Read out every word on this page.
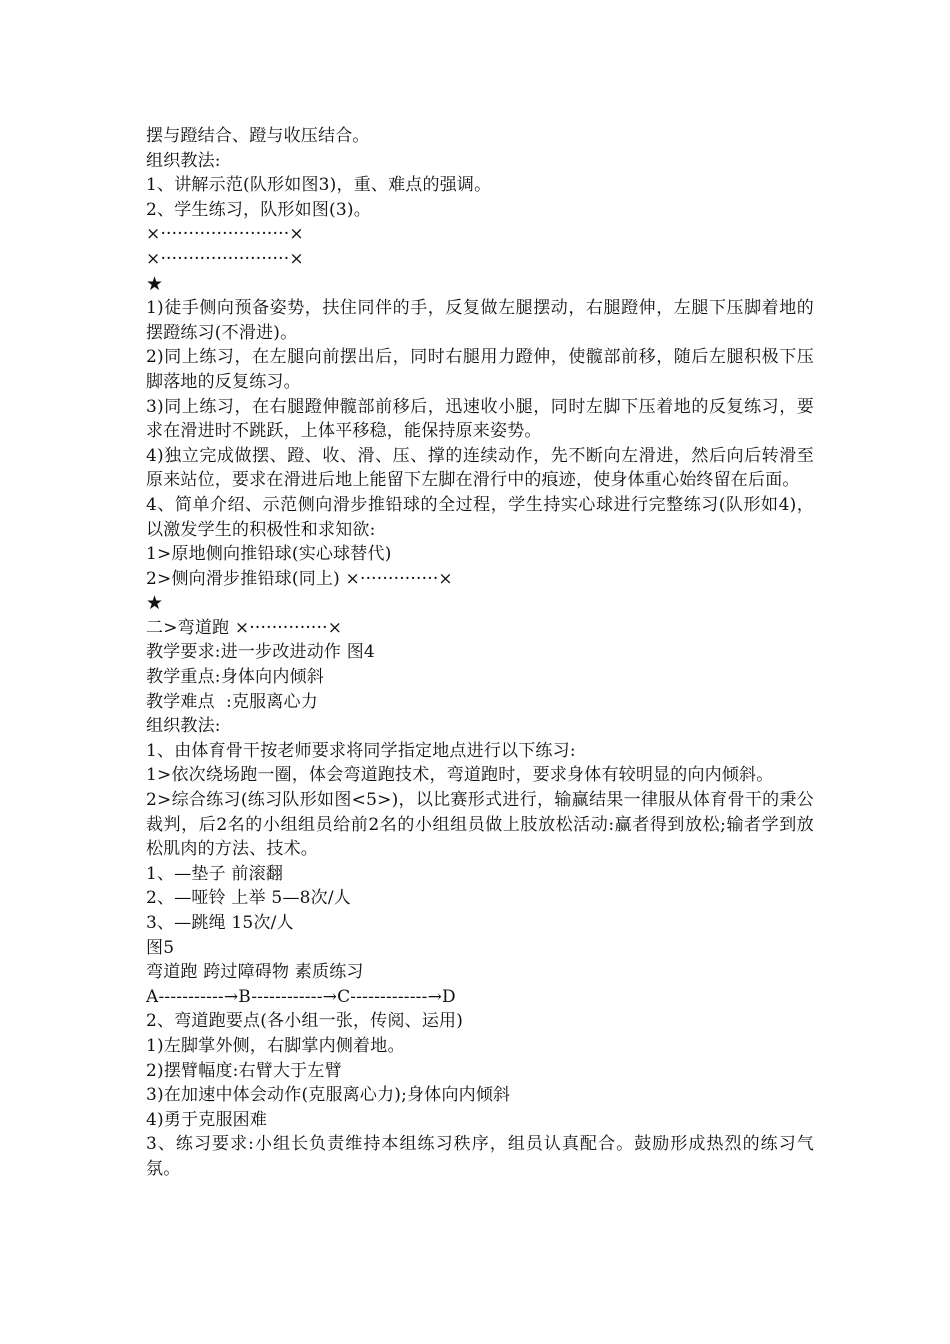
摆与蹬结合、蹬与收压结合。

组织教法:

1、讲解示范(队形如图3)，重、难点的强调。

2、学生练习，队形如图(3)。

×·······················×

×·······················×

★

1)徒手侧向预备姿势，扶住同伴的手，反复做左腿摆动，右腿蹬伸，左腿下压脚着地的摆蹬练习(不滑进)。

2)同上练习，在左腿向前摆出后，同时右腿用力蹬伸，使髋部前移，随后左腿积极下压脚落地的反复练习。

3)同上练习，在右腿蹬伸髋部前移后，迅速收小腿，同时左脚下压着地的反复练习，要求在滑进时不跳跃，上体平移稳，能保持原来姿势。

4)独立完成做摆、蹬、收、滑、压、撑的连续动作，先不断向左滑进，然后向后转滑至原来站位，要求在滑进后地上能留下左脚在滑行中的痕迹，使身体重心始终留在后面。

4、简单介绍、示范侧向滑步推铅球的全过程，学生持实心球进行完整练习(队形如4)，以激发学生的积极性和求知欲:

1>原地侧向推铅球(实心球替代)

2>侧向滑步推铅球(同上) ×··············×

★

二>弯道跑 ×··············×

教学要求:进一步改进动作 图4

教学重点:身体向内倾斜

教学难点  :克服离心力

组织教法:

1、由体育骨干按老师要求将同学指定地点进行以下练习:

1>依次绕场跑一圈，体会弯道跑技术，弯道跑时，要求身体有较明显的向内倾斜。

2>综合练习(练习队形如图<5>)，以比赛形式进行，输赢结果一律服从体育骨干的秉公裁判，后2名的小组组员给前2名的小组组员做上肢放松活动:赢者得到放松;输者学到放松肌肉的方法、技术。

1、—垫子 前滚翻

2、—哑铃 上举 5—8次/人

3、—跳绳 15次/人

图5

弯道跑 跨过障碍物 素质练习

A-----------→B------------→C-------------→D

2、弯道跑要点(各小组一张，传阅、运用)

1)左脚掌外侧，右脚掌内侧着地。

2)摆臂幅度:右臂大于左臂

3)在加速中体会动作(克服离心力);身体向内倾斜

4)勇于克服困难

3、练习要求:小组长负责维持本组练习秩序，组员认真配合。鼓励形成热烈的练习气氛。
